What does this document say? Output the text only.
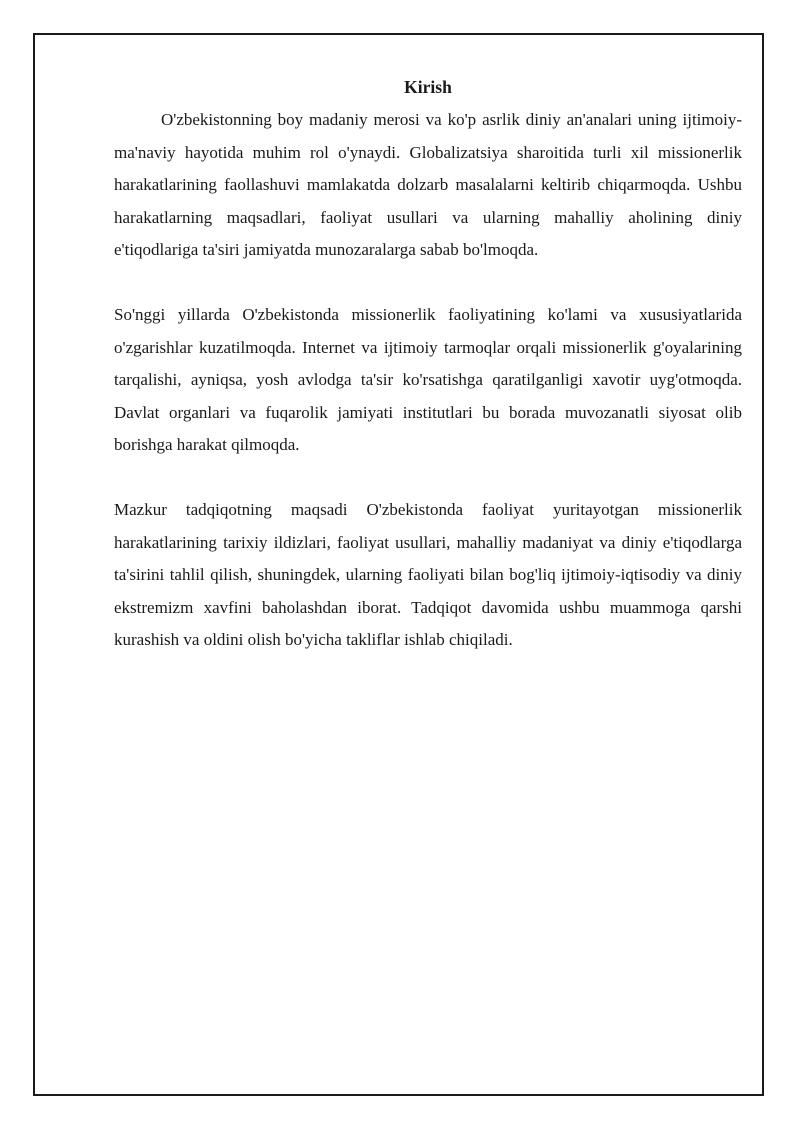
Kirish

O'zbekistonning boy madaniy merosi va ko'p asrlik diniy an'analari uning ijtimoiy-ma'naviy hayotida muhim rol o'ynaydi. Globalizatsiya sharoitida turli xil missionerlik harakatlarining faollashuvi mamlakatda dolzarb masalalarni keltirib chiqarmoqda. Ushbu harakatlarning maqsadlari, faoliyat usullari va ularning mahalliy aholining diniy e'tiqodlariga ta'siri jamiyatda munozaralarga sabab bo'lmoqda.

So'nggi yillarda O'zbekistonda missionerlik faoliyatining ko'lami va xususiyatlarida o'zgarishlar kuzatilmoqda. Internet va ijtimoiy tarmoqlar orqali missionerlik g'oyalarining tarqalishi, ayniqsa, yosh avlodga ta'sir ko'rsatishga qaratilganligi xavotir uyg'otmoqda. Davlat organlari va fuqarolik jamiyati institutlari bu borada muvozanatli siyosat olib borishga harakat qilmoqda.

Mazkur tadqiqotning maqsadi O'zbekistonda faoliyat yuritayotgan missionerlik harakatlarining tarixiy ildizlari, faoliyat usullari, mahalliy madaniyat va diniy e'tiqodlarga ta'sirini tahlil qilish, shuningdek, ularning faoliyati bilan bog'liq ijtimoiy-iqtisodiy va diniy ekstremizm xavfini baholashdan iborat. Tadqiqot davomida ushbu muammoga qarshi kurashish va oldini olish bo'yicha takliflar ishlab chiqiladi.
